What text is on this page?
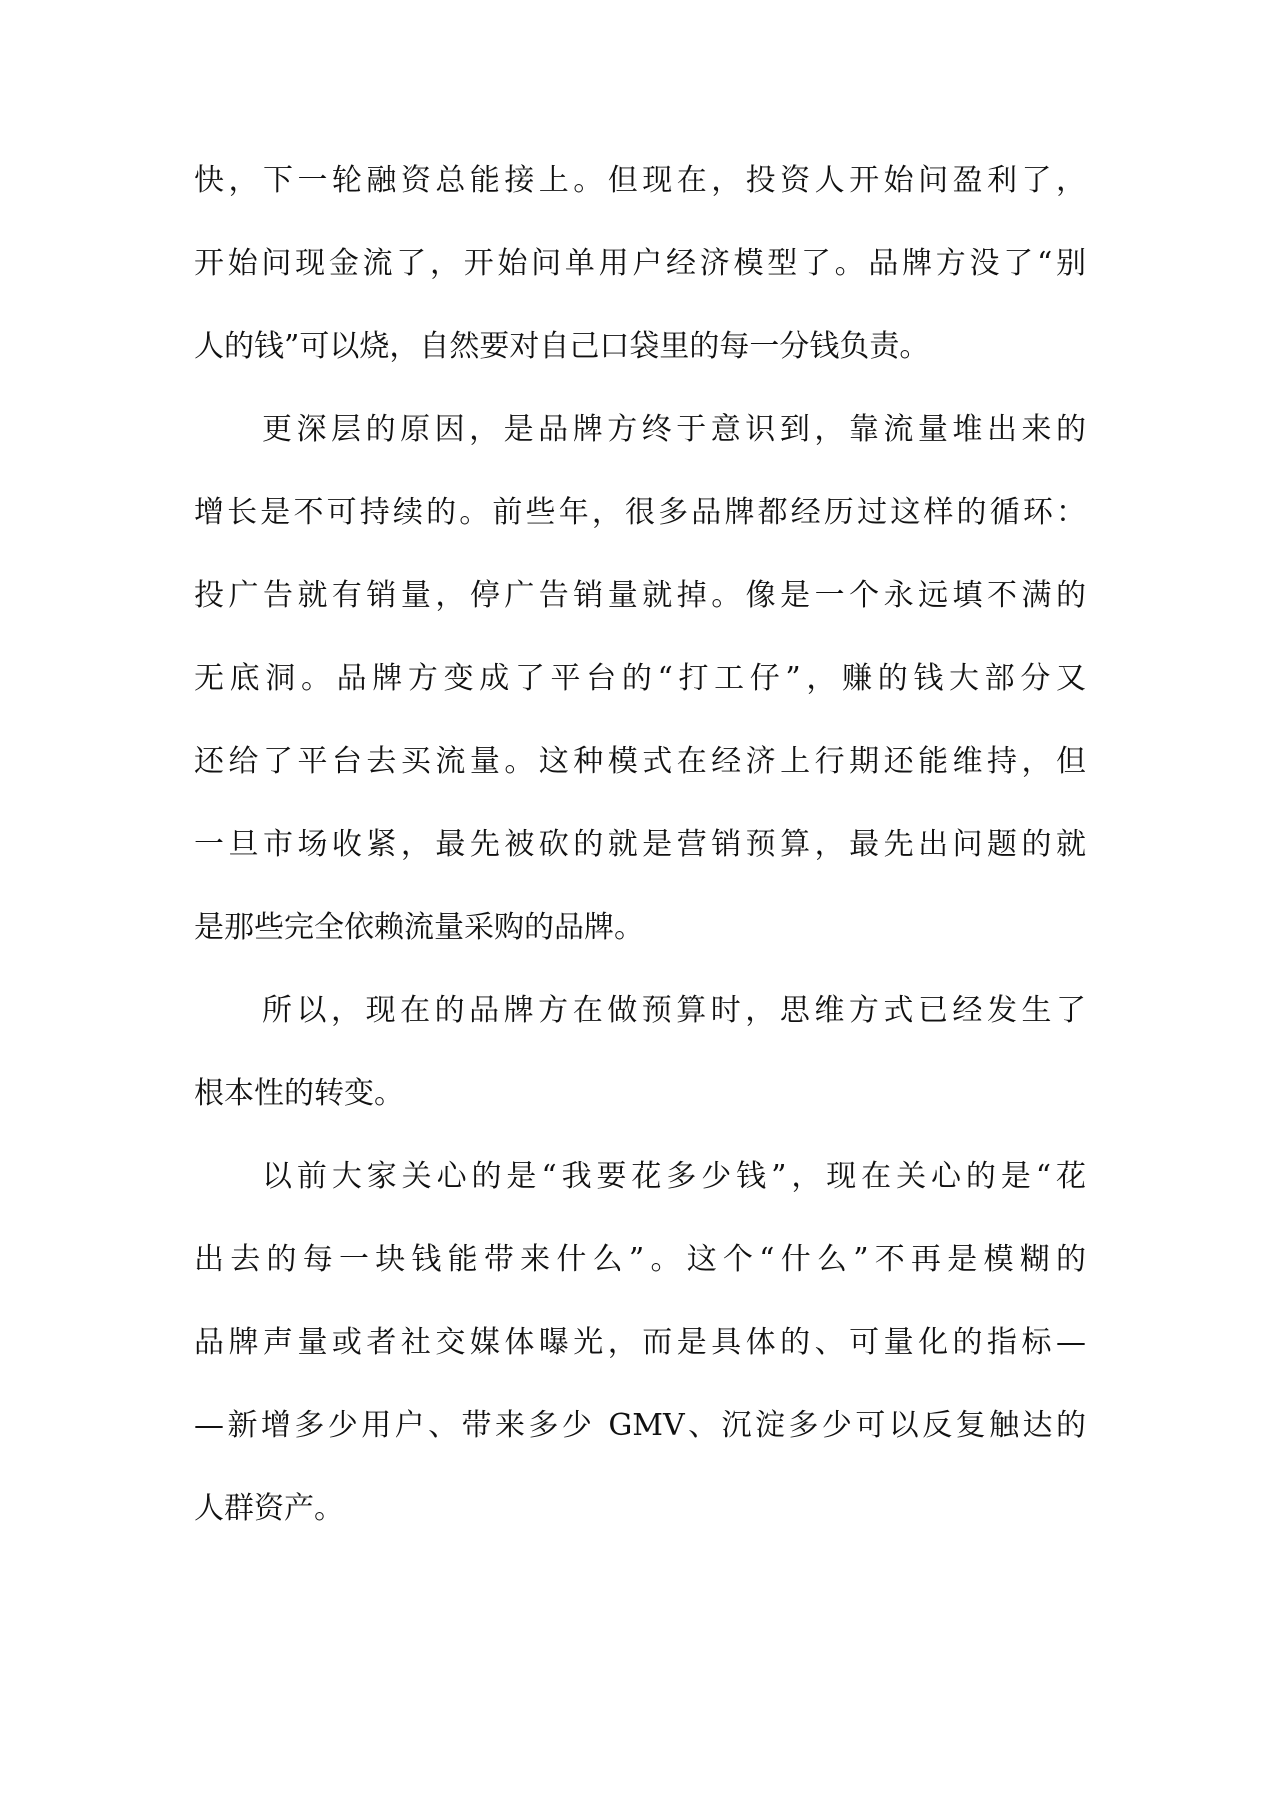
快，下一轮融资总能接上。但现在，投资人开始问盈利了，
开始问现金流了，开始问单用户经济模型了。品牌方没了“别
人的钱”可以烧，自然要对自己口袋里的每一分钱负责。
更深层的原因，是品牌方终于意识到，靠流量堆出来的
增长是不可持续的。前些年，很多品牌都经历过这样的循环：
投广告就有销量，停广告销量就掉。像是一个永远填不满的
无底洞。品牌方变成了平台的“打工仔”，赚的钱大部分又
还给了平台去买流量。这种模式在经济上行期还能维持，但
一旦市场收紧，最先被砍的就是营销预算，最先出问题的就
是那些完全依赖流量采购的品牌。
所以，现在的品牌方在做预算时，思维方式已经发生了
根本性的转变。
以前大家关心的是“我要花多少钱”，现在关心的是“花
出去的每一块钱能带来什么”。这个“什么”不再是模糊的
品牌声量或者社交媒体曝光，而是具体的、可量化的指标—
—新增多少用户、带来多少 GMV、沉淀多少可以反复触达的
人群资产。
